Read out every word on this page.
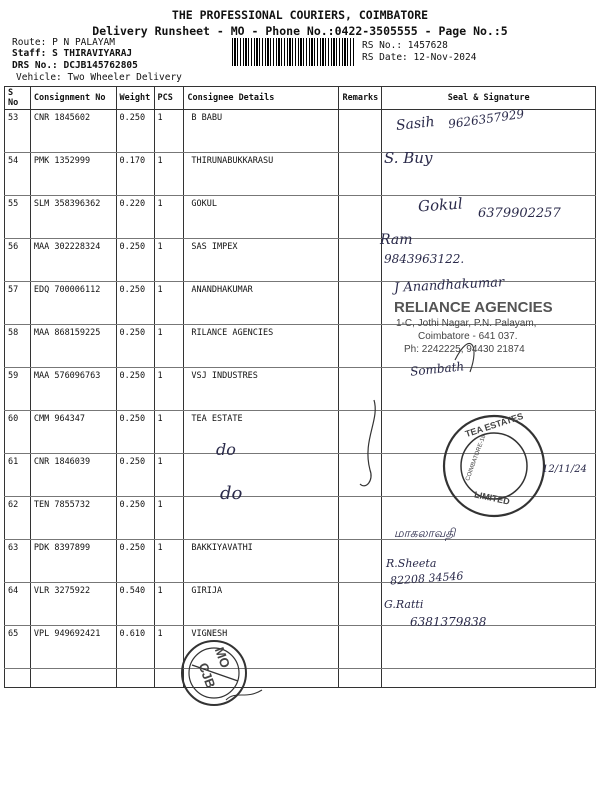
THE PROFESSIONAL COURIERS, COIMBATORE
Delivery Runsheet - MO - Phone No.:0422-3505555 - Page No.:5
Route: P N PALAYAM
Staff: S THIRAVIYARAJ
DRS No.: DCJB145762805
Vehicle: Two Wheeler Delivery
RS No.: 1457628
RS Date: 12-Nov-2024
S No	Consignment No	Weight	PCS	Consignee Details	Remarks	Seal & Signature
53	CNR 1845602	0.250	1	B BABU		
54	PMK 1352999	0.170	1	THIRUNABUKKARASU		
55	SLM 358396362	0.220	1	GOKUL		
56	MAA 302228324	0.250	1	SAS IMPEX		
57	EDQ 700006112	0.250	1	ANANDHAKUMAR		
58	MAA 868159225	0.250	1	RILANCE AGENCIES		
59	MAA 576096763	0.250	1	VSJ INDUSTRES		
60	CMM 964347	0.250	1	TEA ESTATE		
61	CNR 1846039	0.250	1			
62	TEN 7855732	0.250	1			
63	PDK 8397899	0.250	1	BAKKIYAVATHI		
64	VLR 3275922	0.540	1	GIRIJA		
65	VPL 949692421	0.610	1	VIGNESH		

RELIANCE AGENCIES
1-C, Jothi Nagar, P.N. Palayam,
Coimbatore - 641 037.
Ph: 2242225, 94430 21874
TEA ESTATES
LIMITED
COIMBATORE-18
MO
CJB
Sasih 9626357929
S. Buy
Gokul 6379902257
Ram
9843963122.
J Anandhakumar
Sombath
do
do
12/11/24
மாகலாவதி
R.Sheeta
82208 34546
G.Ratti
6381379838
